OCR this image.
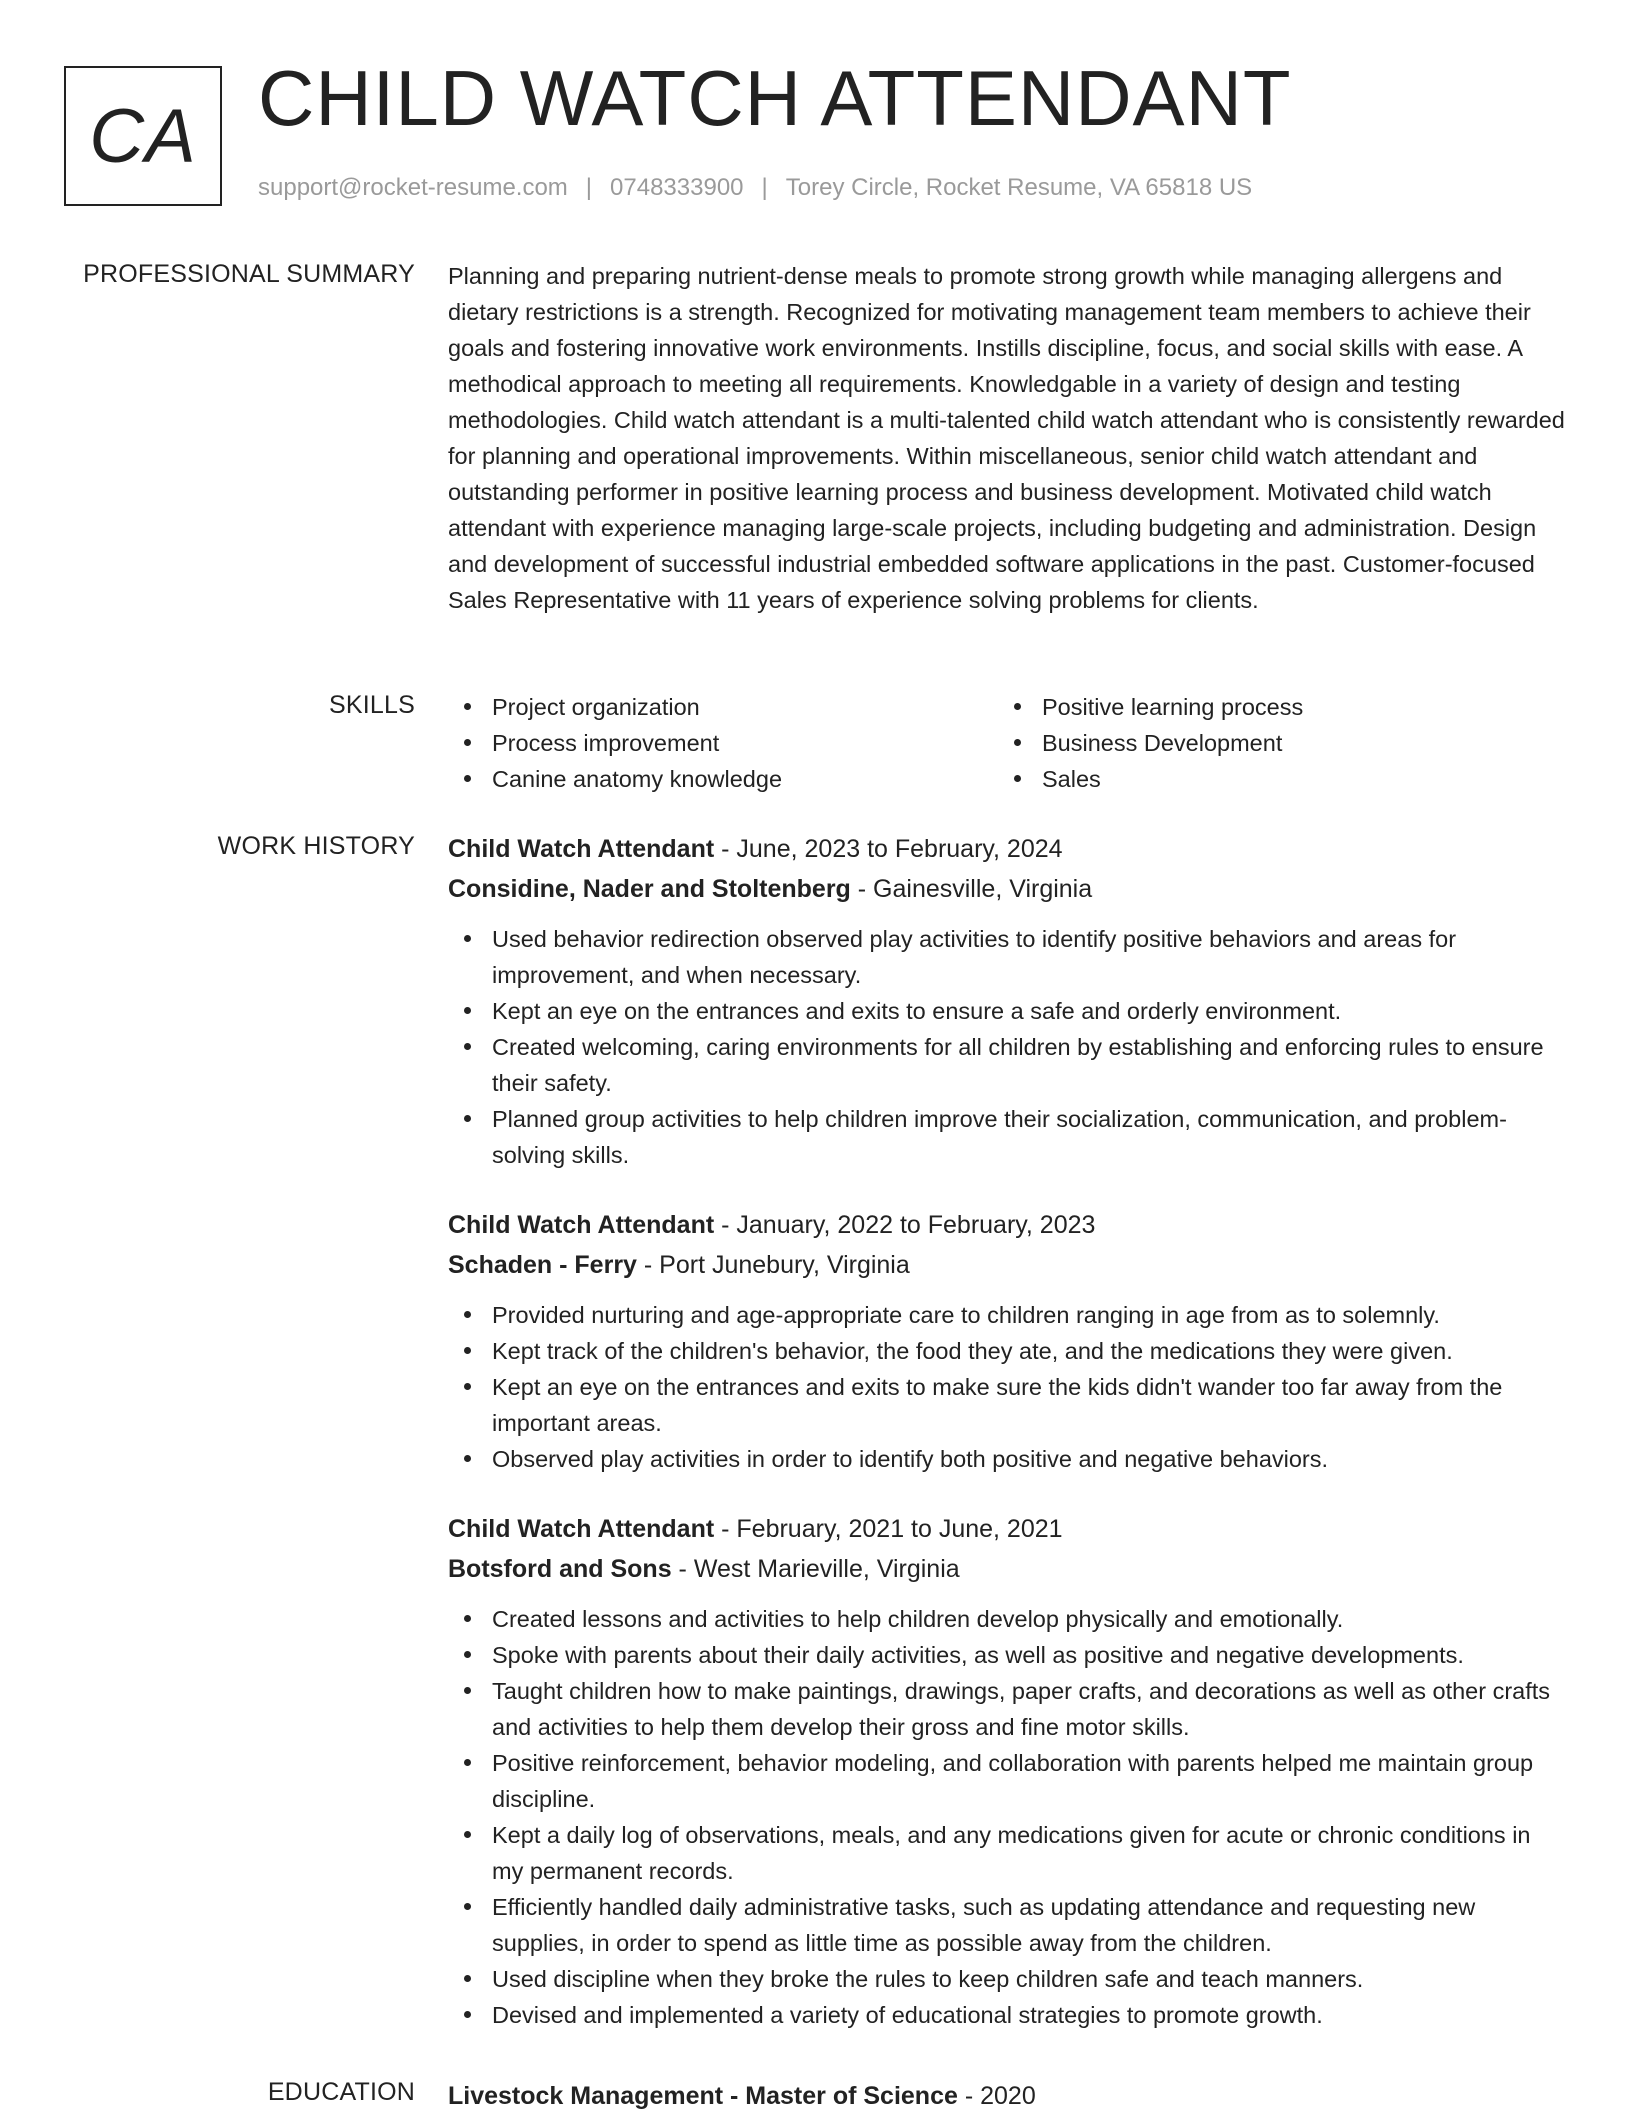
CA CHILD WATCH ATTENDANT
support@rocket-resume.com | 0748333900 | Torey Circle, Rocket Resume, VA 65818 US
PROFESSIONAL SUMMARY Planning and preparing nutrient-dense meals to promote strong growth while managing allergens and dietary restrictions is a strength. Recognized for motivating management team members to achieve their goals and fostering innovative work environments. Instills discipline, focus, and social skills with ease. A methodical approach to meeting all requirements. Knowledgable in a variety of design and testing methodologies. Child watch attendant is a multi-talented child watch attendant who is consistently rewarded for planning and operational improvements. Within miscellaneous, senior child watch attendant and outstanding performer in positive learning process and business development. Motivated child watch attendant with experience managing large-scale projects, including budgeting and administration. Design and development of successful industrial embedded software applications in the past. Customer-focused Sales Representative with 11 years of experience solving problems for clients.

SKILLS	Project organization	Positive learning process
Process improvement	Business Development
Canine anatomy knowledge	Sales
WORK HISTORY Child Watch Attendant - June, 2023 to February, 2024
Considine, Nader and Stoltenberg - Gainesville, Virginia
Used behavior redirection observed play activities to identify positive behaviors and areas for improvement, and when necessary.
Kept an eye on the entrances and exits to ensure a safe and orderly environment.
Created welcoming, caring environments for all children by establishing and enforcing rules to ensure their safety.
Planned group activities to help children improve their socialization, communication, and problem-solving skills.
Child Watch Attendant - January, 2022 to February, 2023
Schaden - Ferry - Port Junebury, Virginia
Provided nurturing and age-appropriate care to children ranging in age from as to solemnly.
Kept track of the children's behavior, the food they ate, and the medications they were given.
Kept an eye on the entrances and exits to make sure the kids didn't wander too far away from the important areas.
Observed play activities in order to identify both positive and negative behaviors.
Child Watch Attendant - February, 2021 to June, 2021
Botsford and Sons - West Marieville, Virginia
Created lessons and activities to help children develop physically and emotionally.
Spoke with parents about their daily activities, as well as positive and negative developments.
Taught children how to make paintings, drawings, paper crafts, and decorations as well as other crafts and activities to help them develop their gross and fine motor skills.
Positive reinforcement, behavior modeling, and collaboration with parents helped me maintain group discipline.
Kept a daily log of observations, meals, and any medications given for acute or chronic conditions in my permanent records.
Efficiently handled daily administrative tasks, such as updating attendance and requesting new supplies, in order to spend as little time as possible away from the children.
Used discipline when they broke the rules to keep children safe and teach manners.
Devised and implemented a variety of educational strategies to promote growth.
EDUCATION Livestock Management - Master of Science - 2020
